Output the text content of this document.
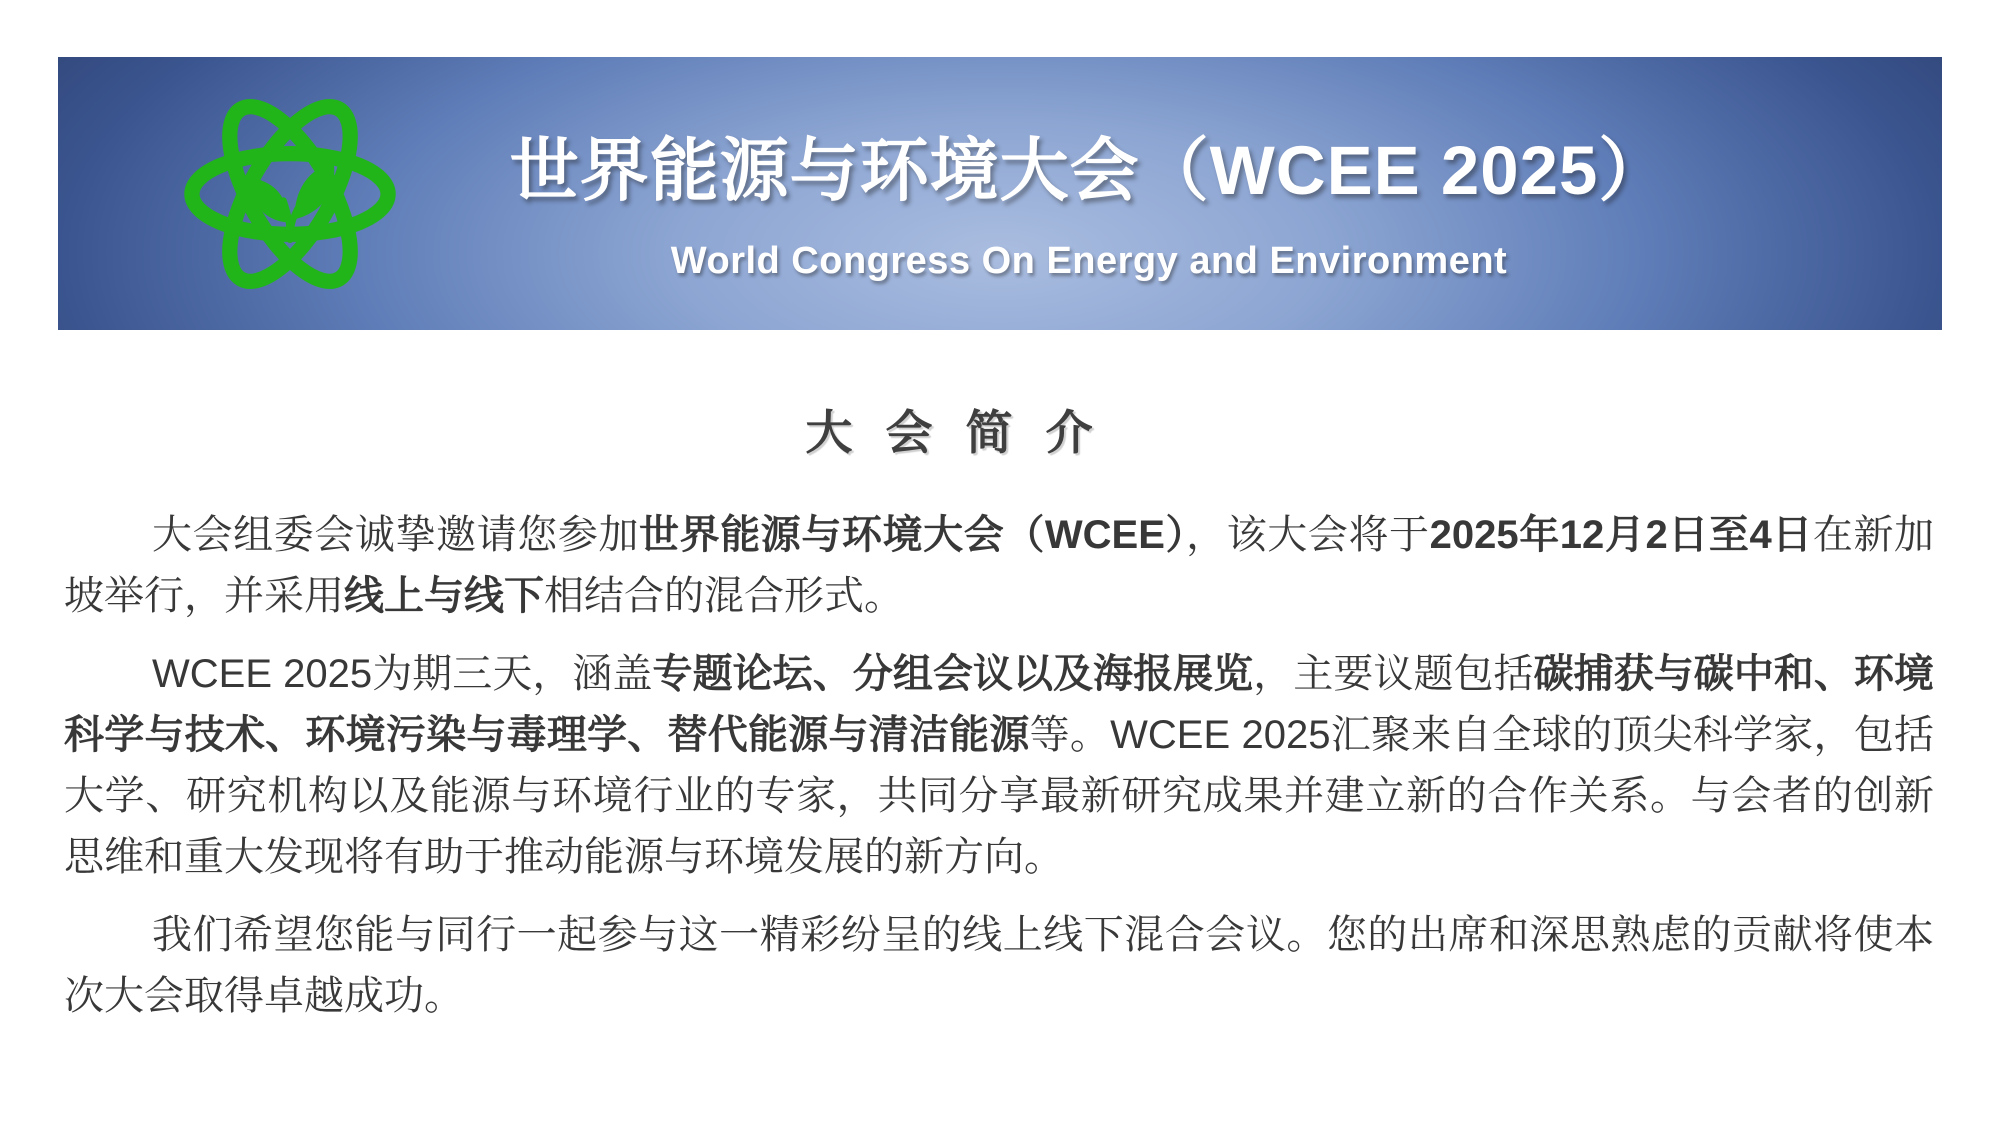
世界能源与环境大会（WCEE 2025）
World Congress On Energy and Environment
大 会 简 介

大会组委会诚挚邀请您参加世界能源与环境大会（WCEE），该大会将于2025年12月2日至4日在新加坡举行，并采用线上与线下相结合的混合形式。

WCEE 2025为期三天，涵盖专题论坛、分组会议以及海报展览，主要议题包括碳捕获与碳中和、环境科学与技术、环境污染与毒理学、替代能源与清洁能源等。WCEE 2025汇聚来自全球的顶尖科学家，包括大学、研究机构以及能源与环境行业的专家，共同分享最新研究成果并建立新的合作关系。与会者的创新思维和重大发现将有助于推动能源与环境发展的新方向。

我们希望您能与同行一起参与这一精彩纷呈的线上线下混合会议。您的出席和深思熟虑的贡献将使本次大会取得卓越成功。
